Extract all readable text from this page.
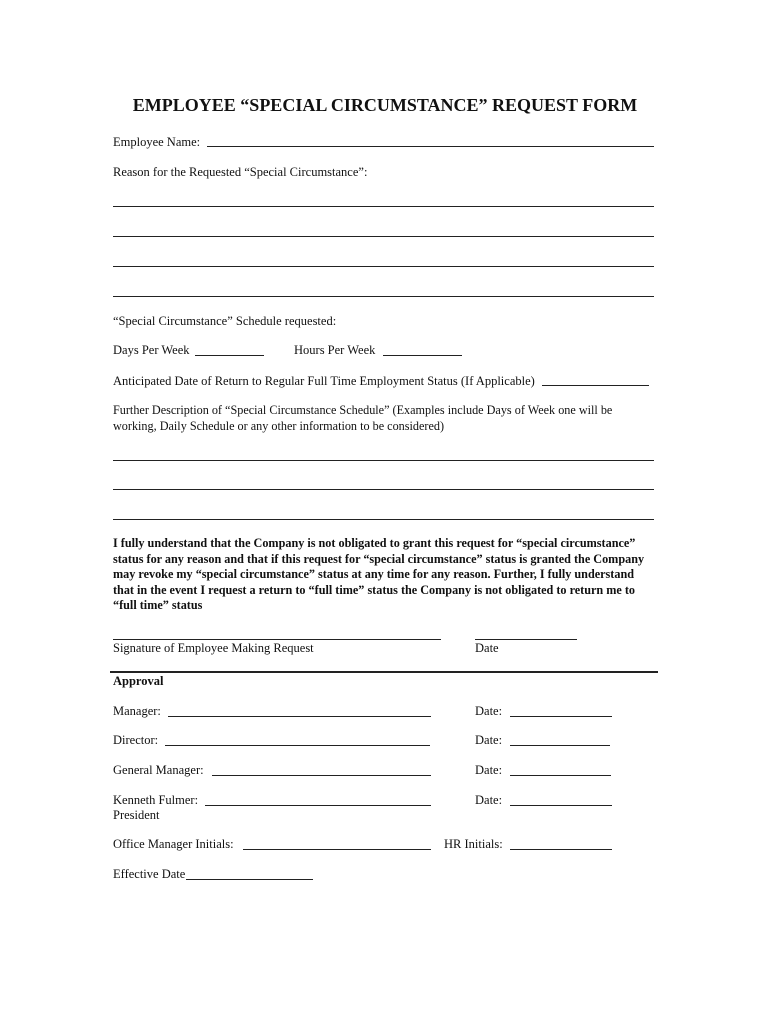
EMPLOYEE “SPECIAL CIRCUMSTANCE” REQUEST FORM
Employee Name:
Reason for the Requested “Special Circumstance”:
“Special Circumstance” Schedule requested:
Days Per Week	Hours Per Week
Anticipated Date of Return to Regular Full Time Employment Status (If Applicable)
Further Description of “Special Circumstance Schedule” (Examples include Days of Week one will be working, Daily Schedule or any other information to be considered)
I fully understand that the Company is not obligated to grant this request for “special circumstance” status for any reason and that if this request for “special circumstance” status is granted the Company may revoke my “special circumstance” status at any time for any reason. Further, I fully understand that in the event I request a return to “full time” status the Company is not obligated to return me to “full time” status
Signature of Employee Making Request	Date
Approval
Manager:	Date:
Director:	Date:
General Manager:	Date:
Kenneth Fulmer:	Date:
President
Office Manager Initials:	HR Initials:
Effective Date
